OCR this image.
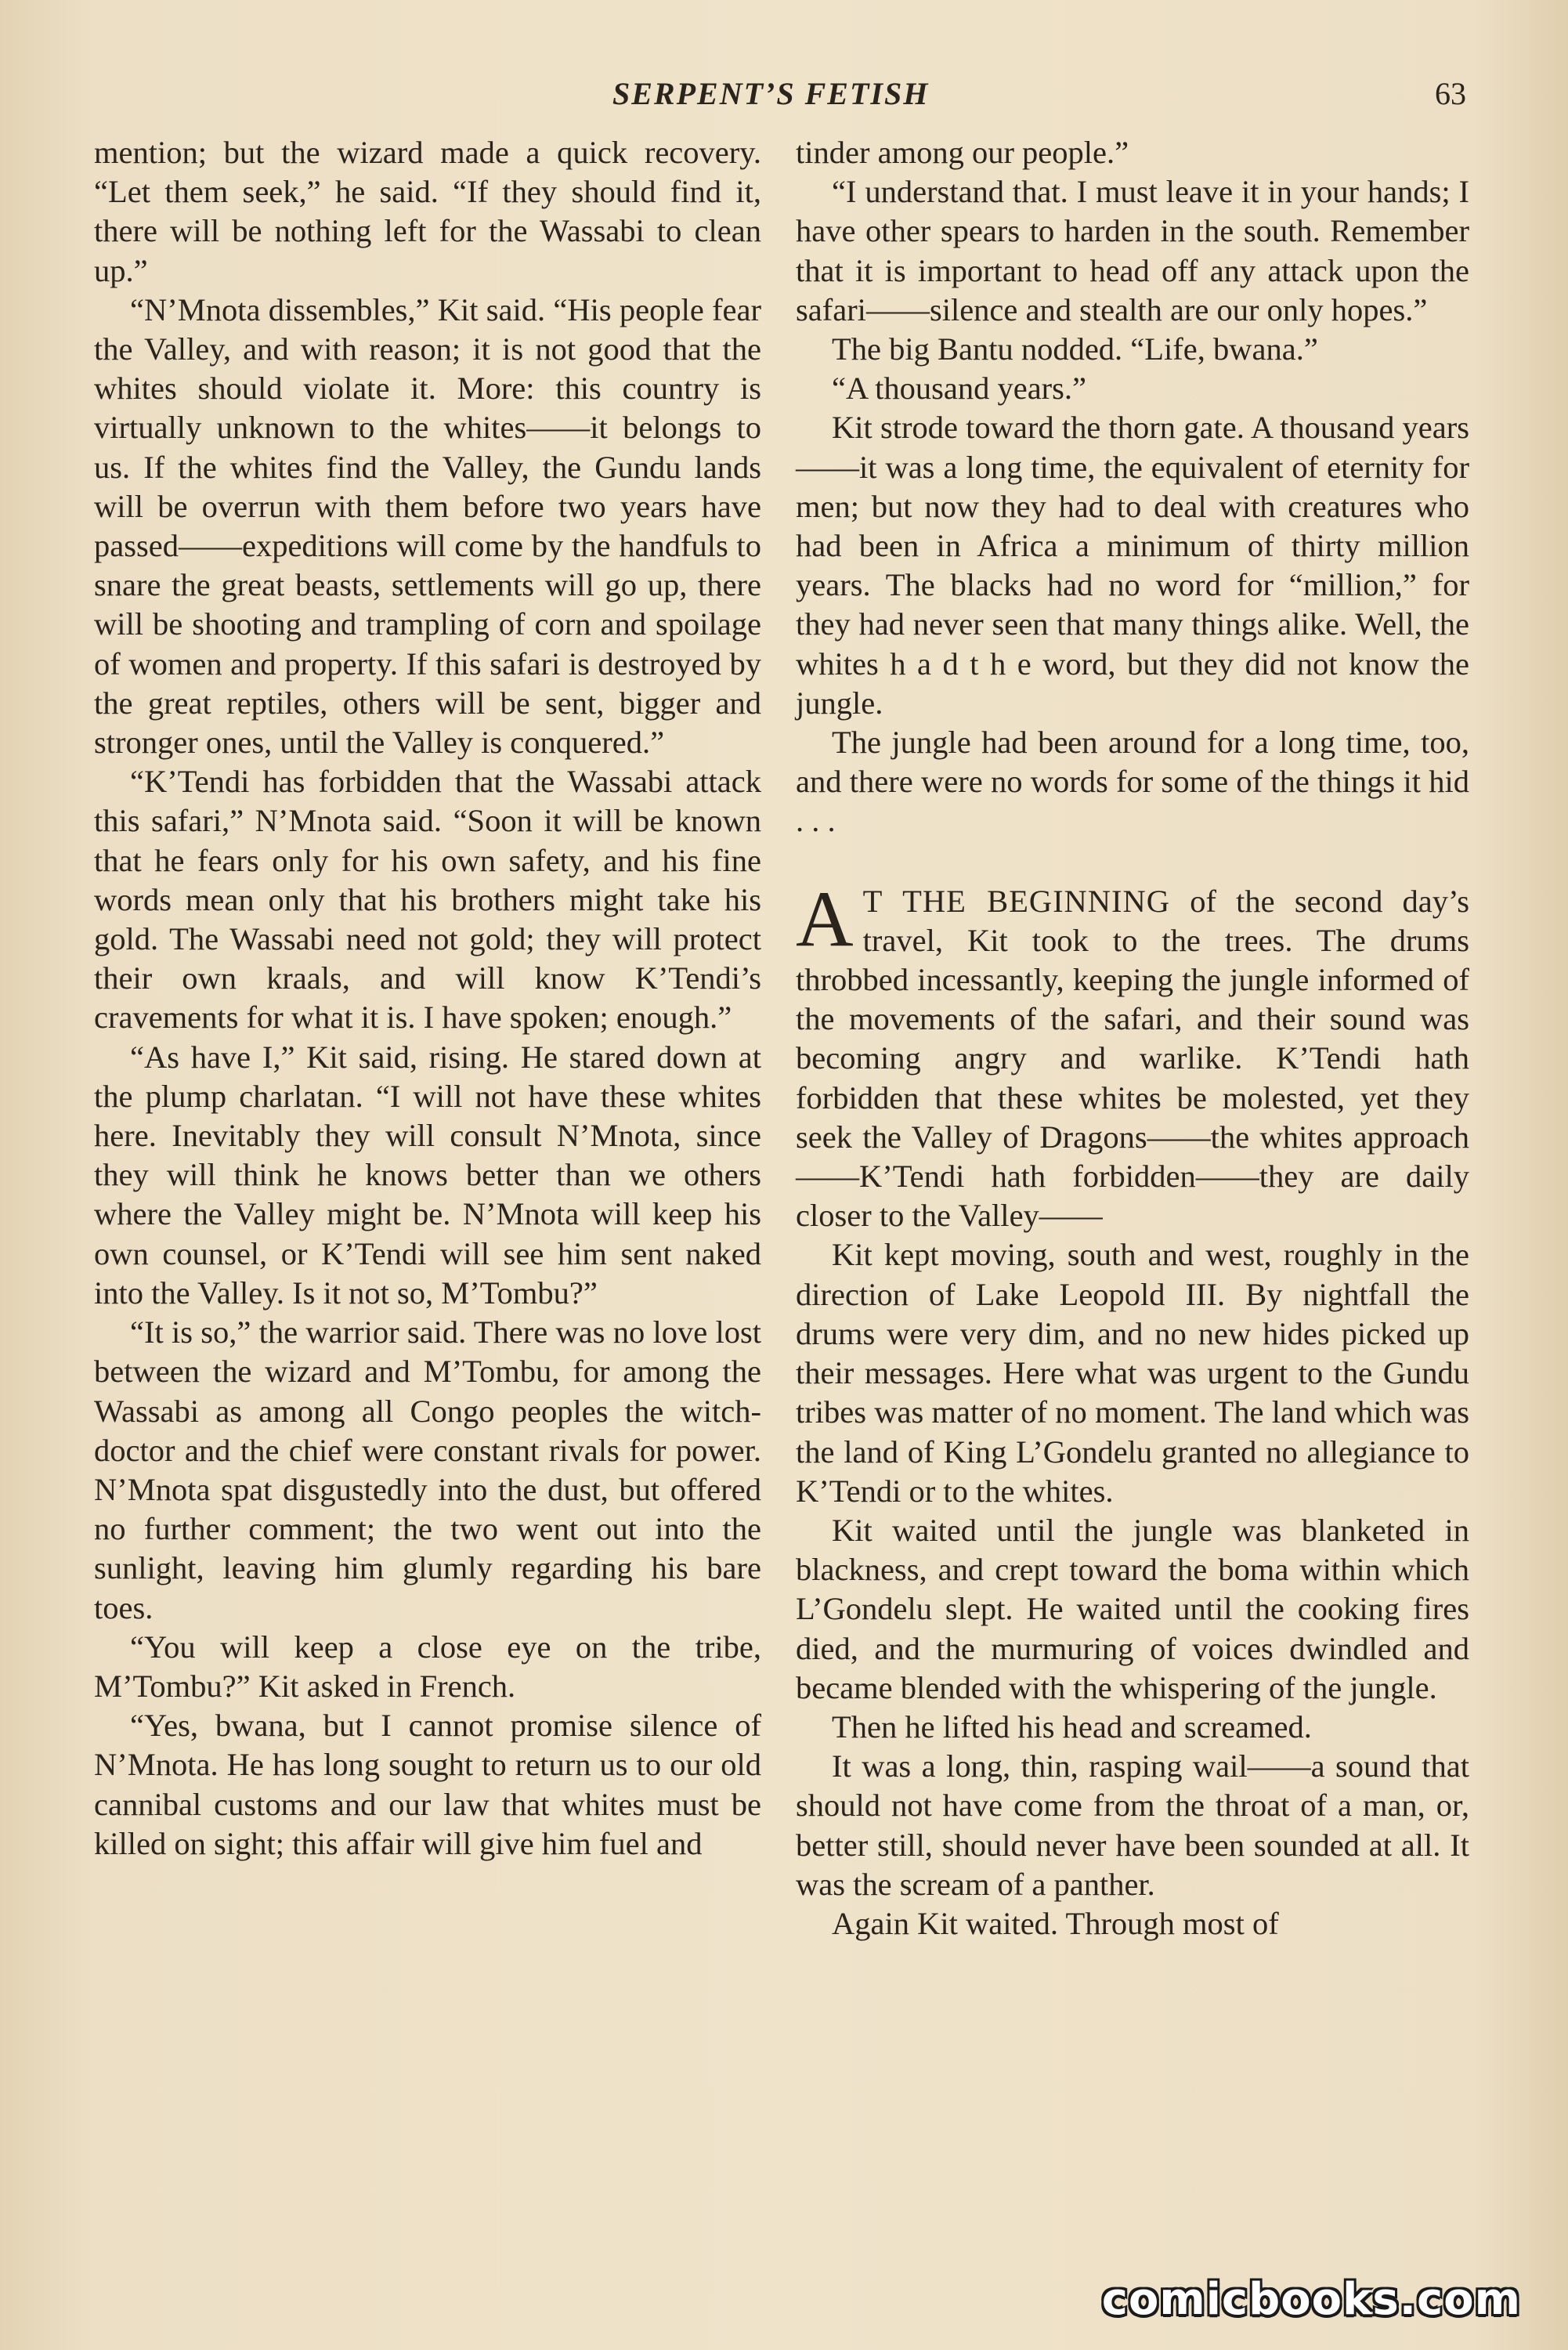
SERPENT’S FETISH	63

mention; but the wizard made a quick recovery. “Let them seek,” he said. “If they should find it, there will be nothing left for the Wassabi to clean up.”

“N’Mnota dissembles,” Kit said. “His people fear the Valley, and with reason; it is not good that the whites should violate it. More: this country is virtually unknown to the whites——it belongs to us. If the whites find the Valley, the Gundu lands will be overrun with them before two years have passed——expeditions will come by the handfuls to snare the great beasts, settlements will go up, there will be shooting and trampling of corn and spoilage of women and property. If this safari is destroyed by the great reptiles, others will be sent, bigger and stronger ones, until the Valley is conquered.”

“K’Tendi has forbidden that the Wassabi attack this safari,” N’Mnota said. “Soon it will be known that he fears only for his own safety, and his fine words mean only that his brothers might take his gold. The Wassabi need not gold; they will protect their own kraals, and will know K’Tendi’s cravements for what it is. I have spoken; enough.”

“As have I,” Kit said, rising. He stared down at the plump charlatan. “I will not have these whites here. Inevitably they will consult N’Mnota, since they will think he knows better than we others where the Valley might be. N’Mnota will keep his own counsel, or K’Tendi will see him sent naked into the Valley. Is it not so, M’Tombu?”

“It is so,” the warrior said. There was no love lost between the wizard and M’Tombu, for among the Wassabi as among all Congo peoples the witch-doctor and the chief were constant rivals for power. N’Mnota spat disgustedly into the dust, but offered no further comment; the two went out into the sunlight, leaving him glumly regarding his bare toes.

“You will keep a close eye on the tribe, M’Tombu?” Kit asked in French.

“Yes, bwana, but I cannot promise silence of N’Mnota. He has long sought to return us to our old cannibal customs and our law that whites must be killed on sight; this affair will give him fuel and

tinder among our people.”

“I understand that. I must leave it in your hands; I have other spears to harden in the south. Remember that it is important to head off any attack upon the safari——silence and stealth are our only hopes.”

The big Bantu nodded. “Life, bwana.”

“A thousand years.”

Kit strode toward the thorn gate. A thousand years——it was a long time, the equivalent of eternity for men; but now they had to deal with creatures who had been in Africa a minimum of thirty million years. The blacks had no word for “million,” for they had never seen that many things alike. Well, the whites h a d t h e word, but they did not know the jungle.

The jungle had been around for a long time, too, and there were no words for some of the things it hid . . .

A T THE BEGINNING of the second day’s travel, Kit took to the trees. The drums throbbed incessantly, keeping the jungle informed of the movements of the safari, and their sound was becoming angry and warlike. K’Tendi hath forbidden that these whites be molested, yet they seek the Valley of Dragons——the whites approach——K’Tendi hath forbidden——they are daily closer to the Valley——

Kit kept moving, south and west, roughly in the direction of Lake Leopold III. By nightfall the drums were very dim, and no new hides picked up their messages. Here what was urgent to the Gundu tribes was matter of no moment. The land which was the land of King L’Gondelu granted no allegiance to K’Tendi or to the whites.

Kit waited until the jungle was blanketed in blackness, and crept toward the boma within which L’Gondelu slept. He waited until the cooking fires died, and the murmuring of voices dwindled and became blended with the whispering of the jungle.

Then he lifted his head and screamed.

It was a long, thin, rasping wail——a sound that should not have come from the throat of a man, or, better still, should never have been sounded at all. It was the scream of a panther.

Again Kit waited. Through most of

comicbooks.com
